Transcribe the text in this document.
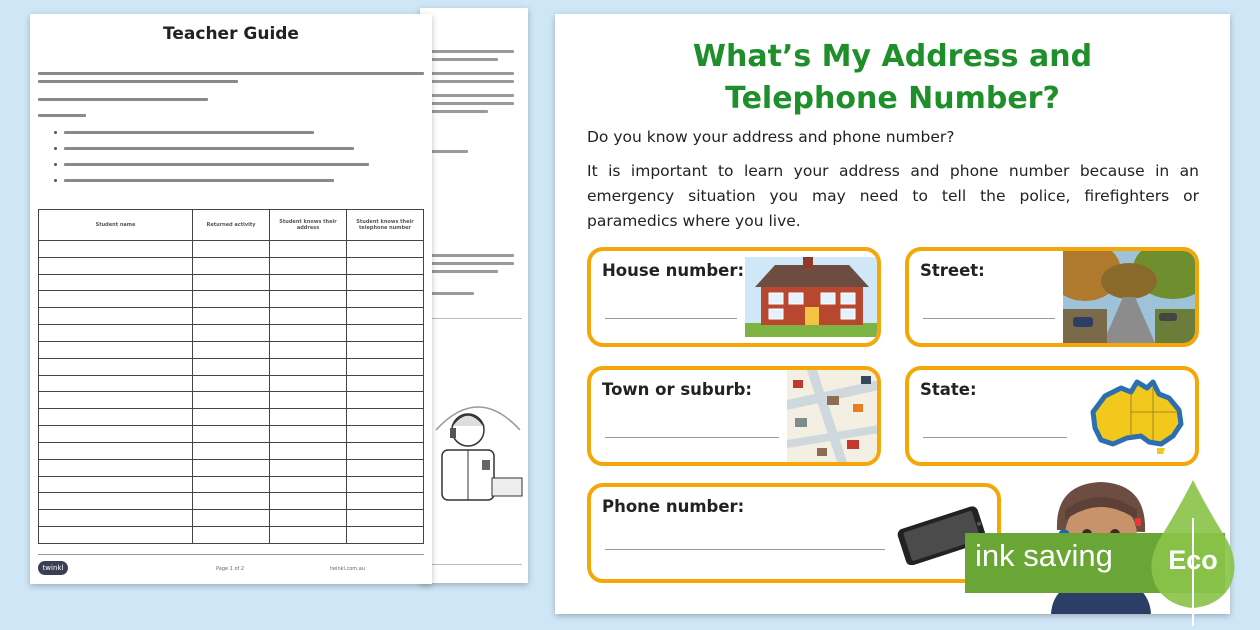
Teacher Guide
Student name	Returned activity	Student knows their address	Student knows their telephone number

twinkl	Page 1 of 2	twinkl.com.au
What’s My Address and
Telephone Number?
Do you know your address and phone number?
It is important to learn your address and phone number because in an emergency situation you may need to tell the police, firefighters or paramedics where you live.
House number:	Street:
Town or suburb:	State:
Phone number:
ink saving	Eco
